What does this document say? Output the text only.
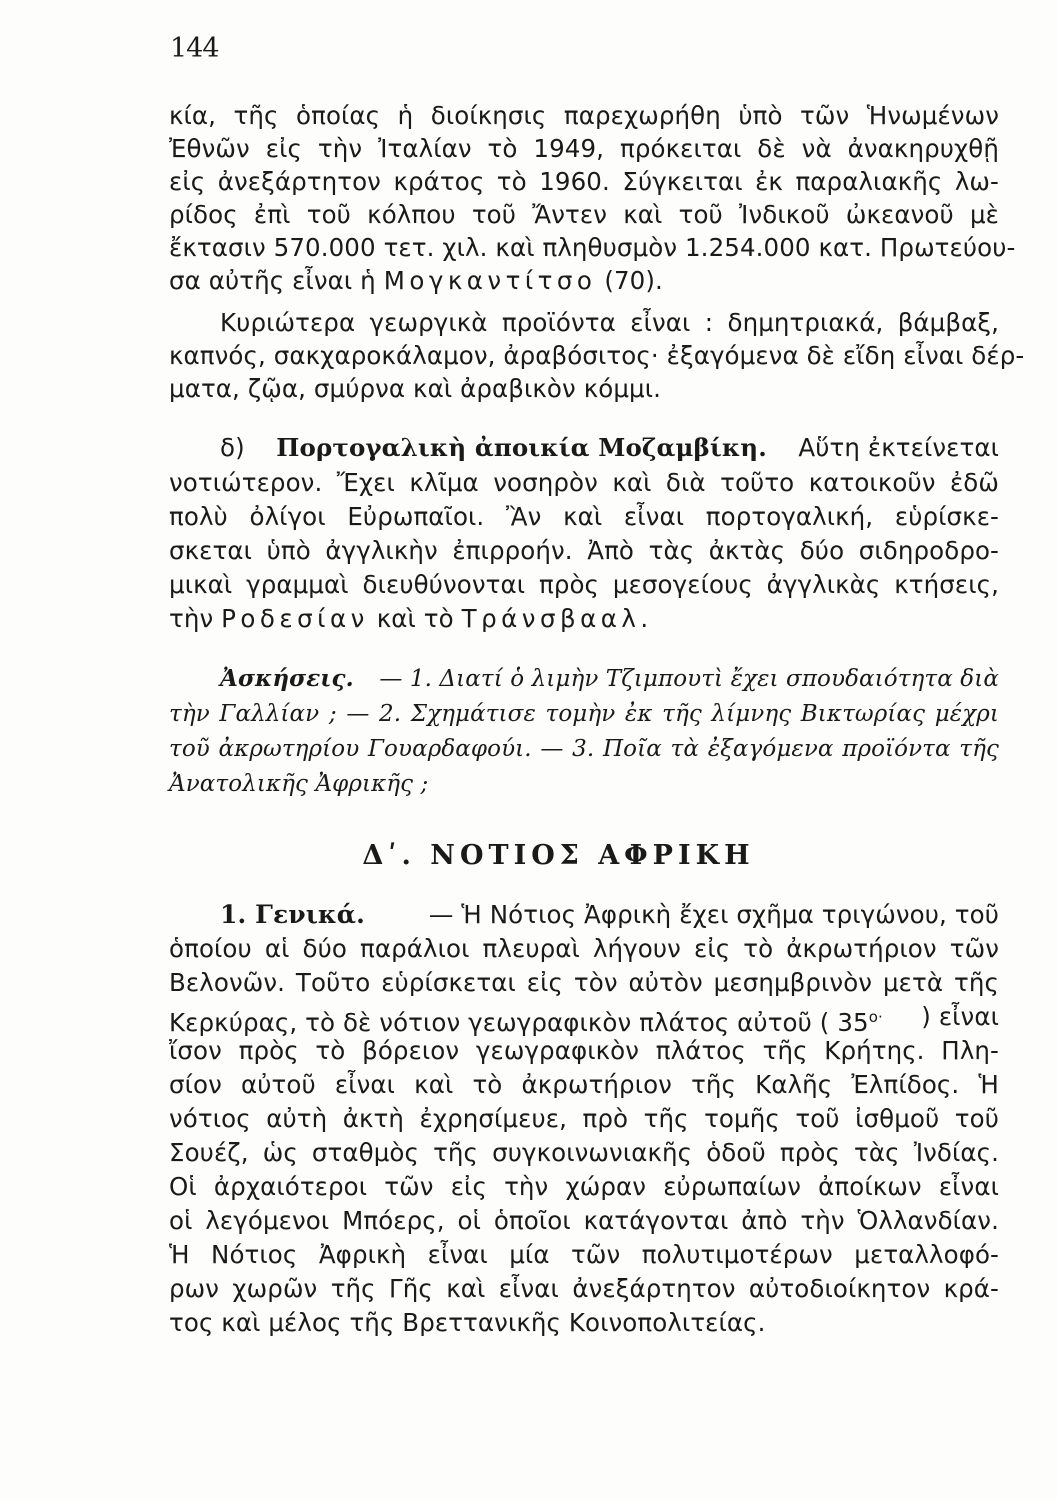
144
κία, τῆς ὁποίας ἡ διοίκησις παρεχωρήθη ὑπὸ τῶν Ἡνωμένων
Ἐθνῶν εἰς τὴν Ἰταλίαν τὸ 1949, πρόκειται δὲ νὰ ἀνακηρυχθῇ
εἰς ἀνεξάρτητον κράτος τὸ 1960. Σύγκειται ἐκ παραλιακῆς λω-
ρίδος ἐπὶ τοῦ κόλπου τοῦ Ἄντεν καὶ τοῦ Ἰνδικοῦ ὠκεανοῦ μὲ
ἔκτασιν 570.000 τετ. χιλ. καὶ πληθυσμὸν 1.254.000 κατ. Πρωτεύου-
σα αὐτῆς εἶναι ἡ Μογκαντίτσο (70).
Κυριώτερα γεωργικὰ προϊόντα εἶναι : δημητριακά, βάμβαξ,
καπνός, σακχαροκάλαμον, ἀραβόσιτος· ἐξαγόμενα δὲ εἴδη εἶναι δέρ-
ματα, ζῷα, σμύρνα καὶ ἀραβικὸν κόμμι.
δ) Πορτογαλικὴ ἀποικία Μοζαμβίκη. Αὕτη ἐκτείνεται
νοτιώτερον. Ἔχει κλῖμα νοσηρὸν καὶ διὰ τοῦτο κατοικοῦν ἐδῶ
πολὺ ὀλίγοι Εὐρωπαῖοι. Ἂν καὶ εἶναι πορτογαλική, εὑρίσκε-
σκεται ὑπὸ ἀγγλικὴν ἐπιρροήν. Ἀπὸ τὰς ἀκτὰς δύο σιδηροδρο-
μικαὶ γραμμαὶ διευθύνονται πρὸς μεσογείους ἀγγλικὰς κτήσεις,
τὴν Ροδεσίαν καὶ τὸ Τράνσβααλ.
Ἀσκήσεις. — 1. Διατί ὁ λιμὴν Τζιμπουτὶ ἔχει σπουδαιότητα διὰ
τὴν Γαλλίαν ; — 2. Σχημάτισε τομὴν ἐκ τῆς λίμνης Βικτωρίας μέχρι
τοῦ ἀκρωτηρίου Γουαρδαφούι. — 3. Ποῖα τὰ ἐξαγόμενα προϊόντα τῆς
Ἀνατολικῆς Ἀφρικῆς ;
Δʹ. ΝΟΤΙΟΣ ΑΦΡΙΚΗ
1. Γενικά.	— Ἡ Νότιος Ἀφρικὴ ἔχει σχῆμα τριγώνου, τοῦ
ὁποίου αἱ δύο παράλιοι πλευραὶ λήγουν εἰς τὸ ἀκρωτήριον τῶν
Βελονῶν. Τοῦτο εὑρίσκεται εἰς τὸν αὐτὸν μεσημβρινὸν μετὰ τῆς
Κερκύρας, τὸ δὲ νότιον γεωγραφικὸν πλάτος αὐτοῦ ( $35^{o\cdot}$ ) εἶναι
ἴσον πρὸς τὸ βόρειον γεωγραφικὸν πλάτος τῆς Κρήτης. Πλη-
σίον αὐτοῦ εἶναι καὶ τὸ ἀκρωτήριον τῆς Καλῆς Ἐλπίδος. Ἡ
νότιος αὐτὴ ἀκτὴ ἐχρησίμευε, πρὸ τῆς τομῆς τοῦ ἰσθμοῦ τοῦ
Σουέζ, ὡς σταθμὸς τῆς συγκοινωνιακῆς ὁδοῦ πρὸς τὰς Ἰνδίας.
Οἱ ἀρχαιότεροι τῶν εἰς τὴν χώραν εὐρωπαίων ἀποίκων εἶναι
οἱ λεγόμενοι Μπόερς, οἱ ὁποῖοι κατάγονται ἀπὸ τὴν Ὁλλανδίαν.
Ἡ Νότιος Ἀφρικὴ εἶναι μία τῶν πολυτιμοτέρων μεταλλοφό-
ρων χωρῶν τῆς Γῆς καὶ εἶναι ἀνεξάρτητον αὐτοδιοίκητον κρά-
τος καὶ μέλος τῆς Βρεττανικῆς Κοινοπολιτείας.
